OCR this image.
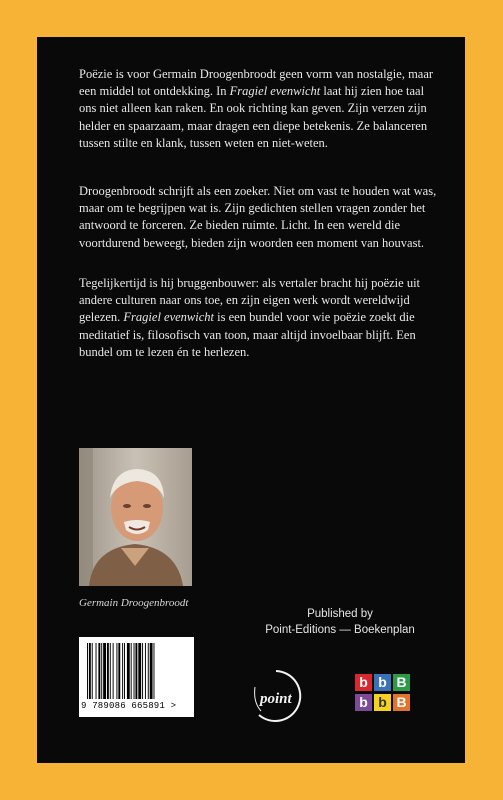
Poëzie is voor Germain Droogenbroodt geen vorm van nostalgie, maar een middel tot ontdekking. In Fragiel evenwicht laat hij zien hoe taal ons niet alleen kan raken. En ook richting kan geven. Zijn verzen zijn helder en spaarzaam, maar dragen een diepe betekenis. Ze balanceren tussen stilte en klank, tussen weten en niet-weten.

Droogenbroodt schrijft als een zoeker. Niet om vast te houden wat was, maar om te begrijpen wat is. Zijn gedichten stellen vragen zonder het antwoord te forceren. Ze bieden ruimte. Licht. In een wereld die voortdurend beweegt, bieden zijn woorden een moment van houvast.

Tegelijkertijd is hij bruggenbouwer: als vertaler bracht hij poëzie uit andere culturen naar ons toe, en zijn eigen werk wordt wereldwijd gelezen. Fragiel evenwicht is een bundel voor wie poëzie zoekt die meditatief is, filosofisch van toon, maar altijd invoelbaar blijft. Een bundel om te lezen én te herlezen.

Germain Droogenbroodt
Published by
Point-Editions — Boekenplan
9 789086 665891 >	point
b b B
b b B
